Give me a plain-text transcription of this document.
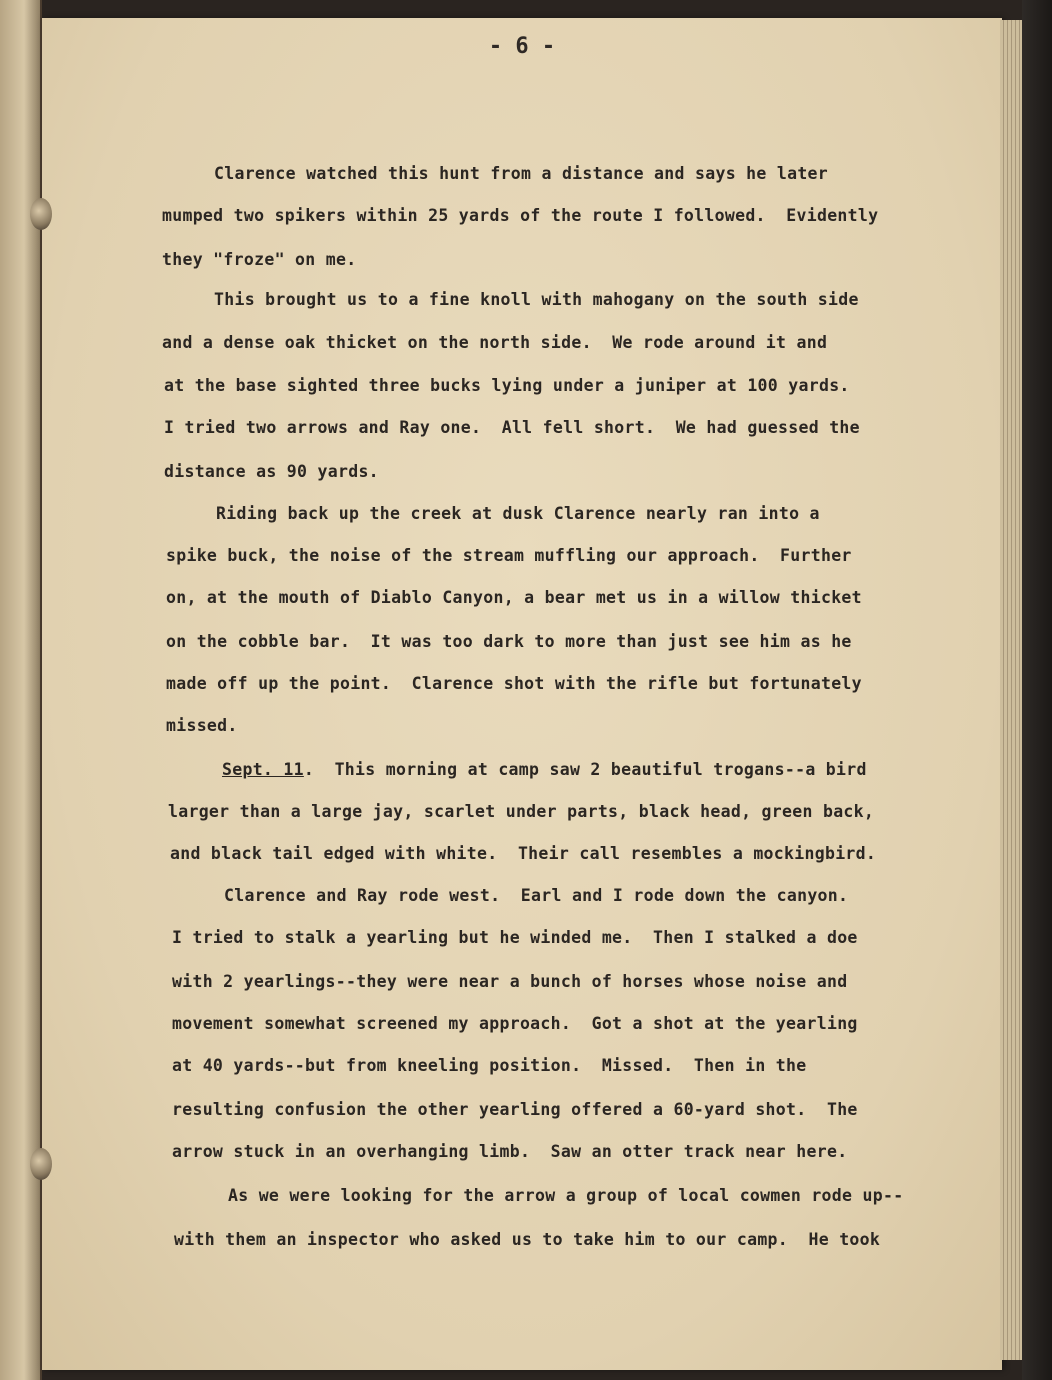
- 6 -
Clarence watched this hunt from a distance and says he later
mumped two spikers within 25 yards of the route I followed.  Evidently
they "froze" on me.
This brought us to a fine knoll with mahogany on the south side
and a dense oak thicket on the north side.  We rode around it and
at the base sighted three bucks lying under a juniper at 100 yards.
I tried two arrows and Ray one.  All fell short.  We had guessed the
distance as 90 yards.
Riding back up the creek at dusk Clarence nearly ran into a
spike buck, the noise of the stream muffling our approach.  Further
on, at the mouth of Diablo Canyon, a bear met us in a willow thicket
on the cobble bar.  It was too dark to more than just see him as he
made off up the point.  Clarence shot with the rifle but fortunately
missed.
Sept. 11.  This morning at camp saw 2 beautiful trogans--a bird
larger than a large jay, scarlet under parts, black head, green back,
and black tail edged with white.  Their call resembles a mockingbird.
Clarence and Ray rode west.  Earl and I rode down the canyon.
I tried to stalk a yearling but he winded me.  Then I stalked a doe
with 2 yearlings--they were near a bunch of horses whose noise and
movement somewhat screened my approach.  Got a shot at the yearling
at 40 yards--but from kneeling position.  Missed.  Then in the
resulting confusion the other yearling offered a 60-yard shot.  The
arrow stuck in an overhanging limb.  Saw an otter track near here.
As we were looking for the arrow a group of local cowmen rode up--
with them an inspector who asked us to take him to our camp.  He took
